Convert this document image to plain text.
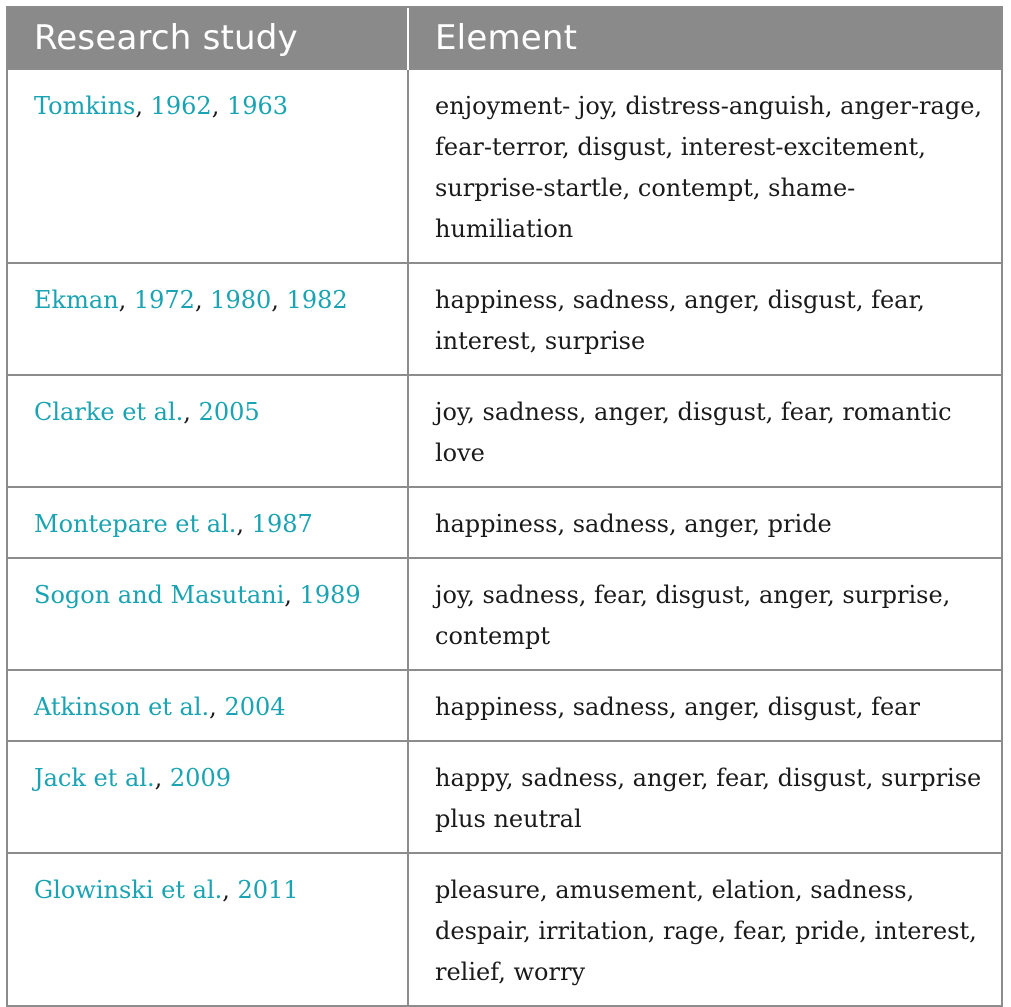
Research study	Element
Tomkins, 1962, 1963	enjoyment- joy, distress-anguish, anger-rage, fear-terror, disgust, interest-excitement, surprise-startle, contempt, shame-humiliation
Ekman, 1972, 1980, 1982	happiness, sadness, anger, disgust, fear, interest, surprise
Clarke et al., 2005	joy, sadness, anger, disgust, fear, romantic love
Montepare et al., 1987	happiness, sadness, anger, pride
Sogon and Masutani, 1989	joy, sadness, fear, disgust, anger, surprise, contempt
Atkinson et al., 2004	happiness, sadness, anger, disgust, fear
Jack et al., 2009	happy, sadness, anger, fear, disgust, surprise plus neutral
Glowinski et al., 2011	pleasure, amusement, elation, sadness, despair, irritation, rage, fear, pride, interest, relief, worry
